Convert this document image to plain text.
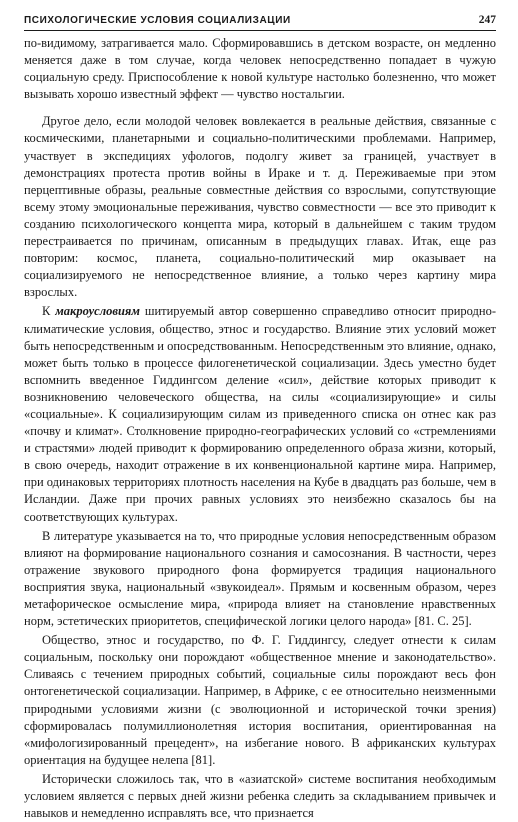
ПСИХОЛОГИЧЕСКИЕ УСЛОВИЯ СОЦИАЛИЗАЦИИ	247

по-видимому, затрагивается мало. Сформировавшись в детском возрасте, он медленно меняется даже в том случае, когда человек непосредственно попадает в чужую социальную среду. Приспособление к новой культуре настолько болезненно, что может вызывать хорошо известный эффект — чувство ностальгии.

Другое дело, если молодой человек вовлекается в реальные действия, связанные с космическими, планетарными и социально-политическими проблемами. Например, участвует в экспедициях уфологов, подолгу живет за границей, участвует в демонстрациях протеста против войны в Ираке и т. д. Переживаемые при этом перцептивные образы, реальные совместные действия со взрослыми, сопутствующие всему этому эмоциональные переживания, чувство совместности — все это приводит к созданию психологического концепта мира, который в дальнейшем с таким трудом перестраивается по причинам, описанным в предыдущих главах. Итак, еще раз повторим: космос, планета, социально-политический мир оказывает на социализируемого не непосредственное влияние, а только через картину мира взрослых.

К макроусловиям шитируемый автор совершенно справедливо относит природно-климатические условия, общество, этнос и государство. Влияние этих условий может быть непосредственным и опосредствованным. Непосредственным это влияние, однако, может быть только в процессе филогенетической социализации. Здесь уместно будет вспомнить введенное Гиддингсом деление «сил», действие которых приводит к возникновению человеческого общества, на силы «социализирующие» и силы «социальные». К социализирующим силам из приведенного списка он отнес как раз «почву и климат». Столкновение природно-географических условий со «стремлениями и страстями» людей приводит к формированию определенного образа жизни, который, в свою очередь, находит отражение в их конвенциональной картине мира. Например, при одинаковых территориях плотность населения на Кубе в двадцать раз больше, чем в Исландии. Даже при прочих равных условиях это неизбежно сказалось бы на соответствующих культурах.

В литературе указывается на то, что природные условия непосредственным образом влияют на формирование национального сознания и самосознания. В частности, через отражение звукового природного фона формируется традиция национального восприятия звука, национальный «звукоидеал». Прямым и косвенным образом, через метафорическое осмысление мира, «природа влияет на становление нравственных норм, эстетических приоритетов, специфической логики целого народа» [81. С. 25].

Общество, этнос и государство, по Ф. Г. Гиддингсу, следует отнести к силам социальным, поскольку они порождают «общественное мнение и законодательство». Сливаясь с течением природных событий, социальные силы порождают весь фон онтогенетической социализации. Например, в Африке, с ее относительно неизменными природными условиями жизни (с эволюционной и исторической точки зрения) сформировалась полумиллионолетняя история воспитания, ориентированная на «мифологизированный прецедент», на избегание нового. В африканских культурах ориентация на будущее нелепа [81].

Исторически сложилось так, что в «азиатской» системе воспитания необходимым условием является с первых дней жизни ребенка следить за складыванием привычек и навыков и немедленно исправлять все, что признается
